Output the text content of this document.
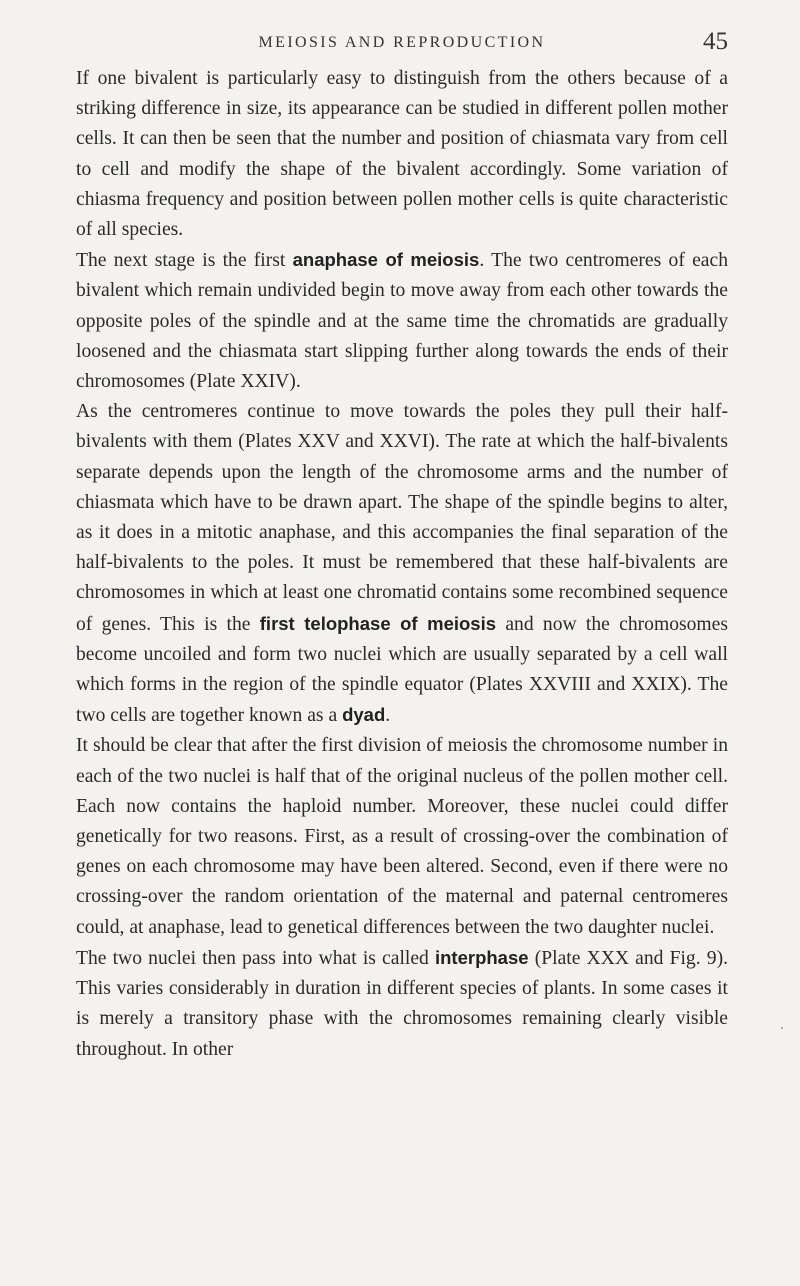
MEIOSIS AND REPRODUCTION	45

If one bivalent is particularly easy to distinguish from the others because of a striking difference in size, its appearance can be studied in different pollen mother cells. It can then be seen that the number and position of chiasmata vary from cell to cell and modify the shape of the bivalent accordingly. Some variation of chiasma frequency and position between pollen mother cells is quite characteristic of all species.

The next stage is the first anaphase of meiosis. The two centromeres of each bivalent which remain undivided begin to move away from each other towards the opposite poles of the spindle and at the same time the chromatids are gradually loosened and the chiasmata start slipping further along towards the ends of their chromosomes (Plate XXIV).

As the centromeres continue to move towards the poles they pull their half-bivalents with them (Plates XXV and XXVI). The rate at which the half-bivalents separate depends upon the length of the chromosome arms and the number of chiasmata which have to be drawn apart. The shape of the spindle begins to alter, as it does in a mitotic anaphase, and this accompanies the final separation of the half-bivalents to the poles. It must be remembered that these half-bivalents are chromosomes in which at least one chromatid contains some recombined sequence of genes. This is the first telophase of meiosis and now the chromosomes become uncoiled and form two nuclei which are usually separated by a cell wall which forms in the region of the spindle equator (Plates XXVIII and XXIX). The two cells are together known as a dyad.

It should be clear that after the first division of meiosis the chromosome number in each of the two nuclei is half that of the original nucleus of the pollen mother cell. Each now contains the haploid number. Moreover, these nuclei could differ genetically for two reasons. First, as a result of crossing-over the combination of genes on each chromosome may have been altered. Second, even if there were no crossing-over the random orientation of the maternal and paternal centromeres could, at anaphase, lead to genetical differences between the two daughter nuclei.

The two nuclei then pass into what is called interphase (Plate XXX and Fig. 9). This varies considerably in duration in different species of plants. In some cases it is merely a transitory phase with the chromosomes remaining clearly visible throughout. In other
